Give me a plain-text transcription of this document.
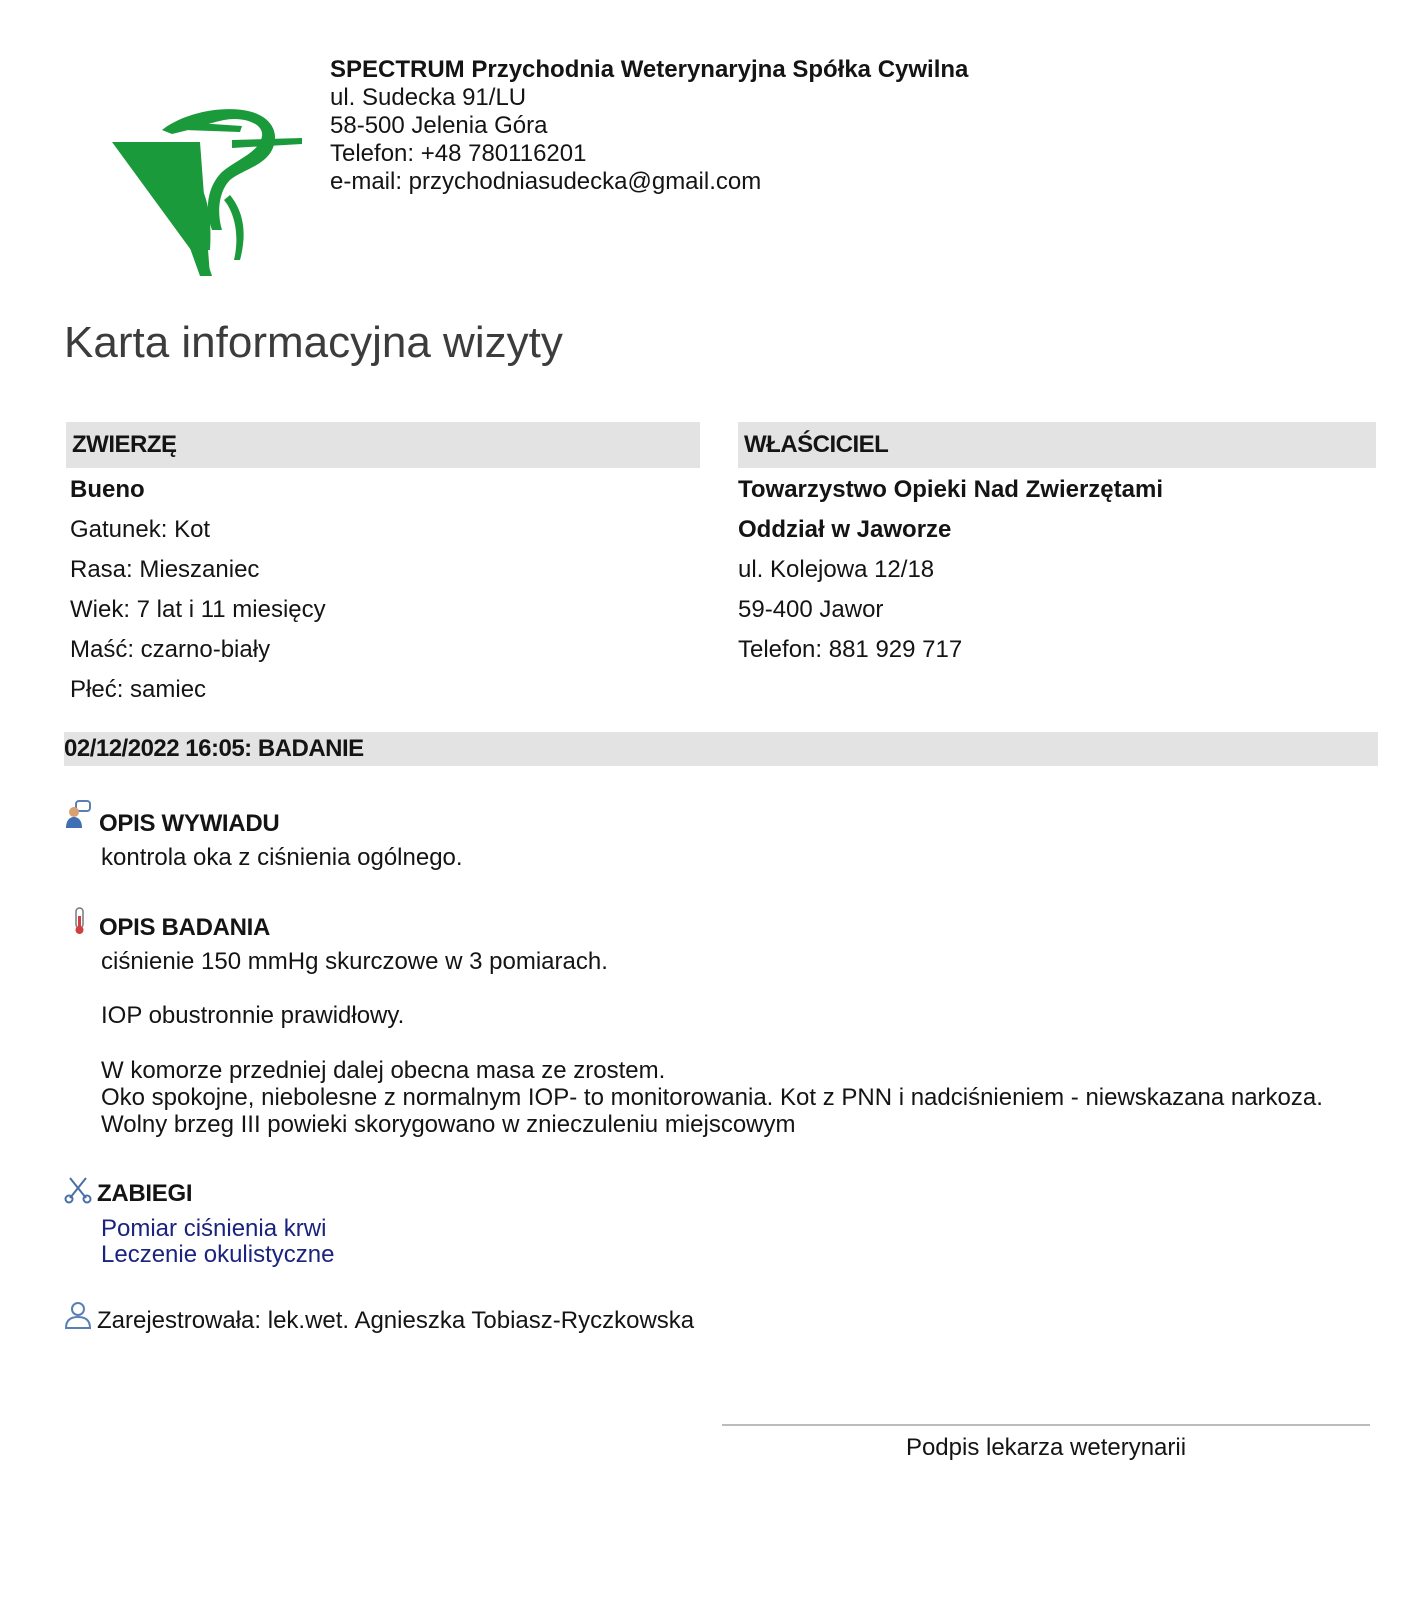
SPECTRUM Przychodnia Weterynaryjna Spółka Cywilna
ul. Sudecka 91/LU
58-500 Jelenia Góra
Telefon: +48 780116201
e-mail: przychodniasudecka@gmail.com
Karta informacyjna wizyty
ZWIERZĘ
Bueno
Gatunek: Kot
Rasa: Mieszaniec
Wiek: 7 lat i 11 miesięcy
Maść: czarno-biały
Płeć: samiec
WŁAŚCICIEL
Towarzystwo Opieki Nad Zwierzętami
Oddział w Jaworze
ul. Kolejowa 12/18
59-400 Jawor
Telefon: 881 929 717
02/12/2022 16:05: BADANIE
OPIS WYWIADU
kontrola oka z ciśnienia ogólnego.
OPIS BADANIA
ciśnienie 150 mmHg skurczowe w 3 pomiarach.
IOP obustronnie prawidłowy.
W komorze przedniej dalej obecna masa ze zrostem.
Oko spokojne, niebolesne z normalnym IOP- to monitorowania. Kot z PNN i nadciśnieniem - niewskazana narkoza.
Wolny brzeg III powieki skorygowano w znieczuleniu miejscowym
ZABIEGI
Pomiar ciśnienia krwi
Leczenie okulistyczne
Zarejestrowała: lek.wet. Agnieszka Tobiasz-Ryczkowska
Podpis lekarza weterynarii
